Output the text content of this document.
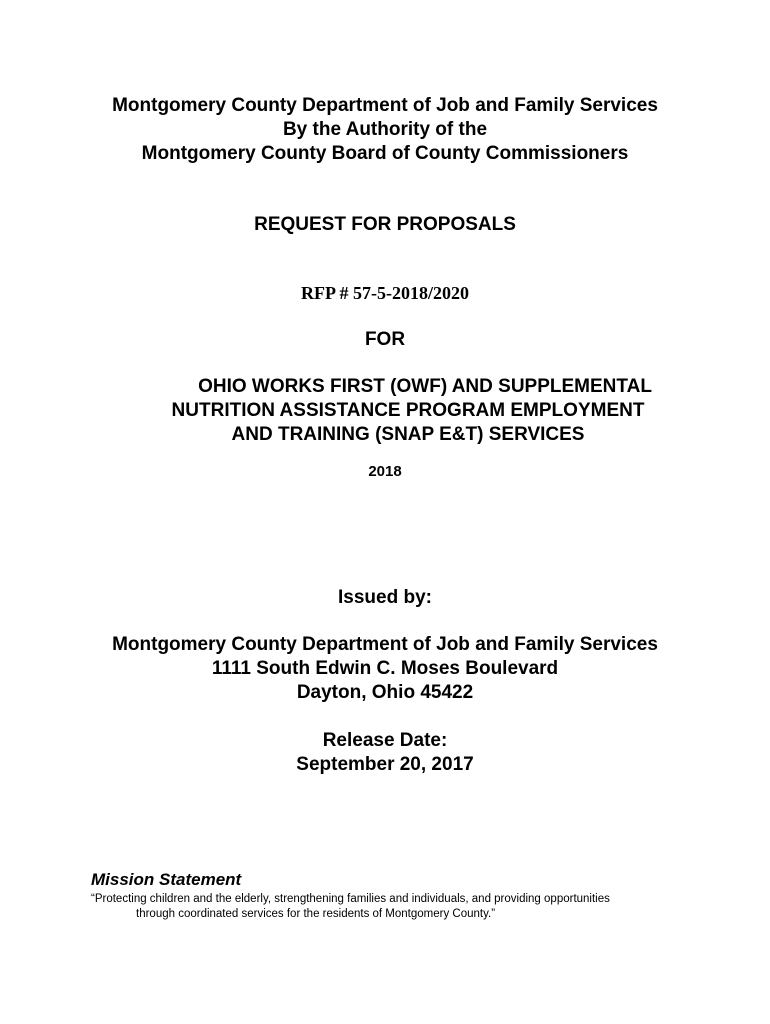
Montgomery County Department of Job and Family Services
By the Authority of the
Montgomery County Board of County Commissioners
REQUEST FOR PROPOSALS
RFP # 57-5-2018/2020
FOR
OHIO WORKS FIRST (OWF) AND SUPPLEMENTAL
NUTRITION ASSISTANCE PROGRAM EMPLOYMENT
AND TRAINING (SNAP E&T) SERVICES
2018
Issued by:
Montgomery County Department of Job and Family Services
1111 South Edwin C. Moses Boulevard
Dayton, Ohio 45422
Release Date:
September 20, 2017
Mission Statement
“Protecting children and the elderly, strengthening families and individuals, and providing opportunities
through coordinated services for the residents of Montgomery County.”
